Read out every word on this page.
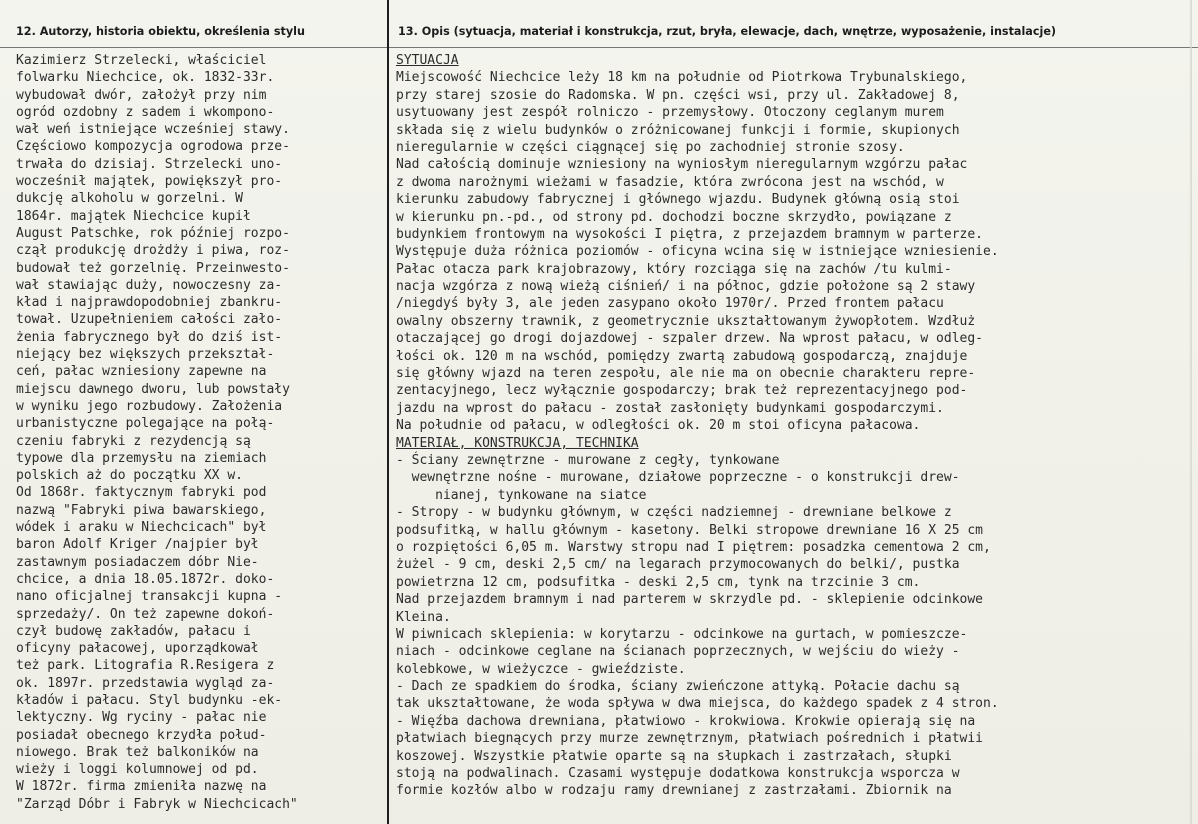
12. Autorzy, historia obiektu, określenia stylu	13. Opis (sytuacja, materiał i konstrukcja, rzut, bryła, elewacje, dach, wnętrze, wyposażenie, instalacje)
Kazimierz Strzelecki, właściciel
folwarku Niechcice, ok. 1832-33r.
wybudował dwór, założył przy nim
ogród ozdobny z sadem i wkompono-
wał weń istniejące wcześniej stawy.
Częściowo kompozycja ogrodowa prze-
trwała do dzisiaj. Strzelecki uno-
wocześnił majątek, powiększył pro-
dukcję alkoholu w gorzelni. W
1864r. majątek Niechcice kupił
August Patschke, rok później rozpo-
czął produkcję drożdży i piwa, roz-
budował też gorzelnię. Przeinwesto-
wał stawiając duży, nowoczesny za-
kład i najprawdopodobniej zbankru-
tował. Uzupełnieniem całości zało-
żenia fabrycznego był do dziś ist-
niejący bez większych przekształ-
ceń, pałac wzniesiony zapewne na
miejscu dawnego dworu, lub powstały
w wyniku jego rozbudowy. Założenia
urbanistyczne polegające na połą-
czeniu fabryki z rezydencją są
typowe dla przemysłu na ziemiach
polskich aż do początku XX w.
Od 1868r. faktycznym fabryki pod
nazwą "Fabryki piwa bawarskiego,
wódek i araku w Niechcicach" był
baron Adolf Kriger /najpier był
zastawnym posiadaczem dóbr Nie-
chcice, a dnia 18.05.1872r. doko-
nano oficjalnej transakcji kupna -
sprzedaży/. On też zapewne dokoń-
czył budowę zakładów, pałacu i
oficyny pałacowej, uporządkował
też park. Litografia R.Resigera z
ok. 1897r. przedstawia wygląd za-
kładów i pałacu. Styl budynku -ek-
lektyczny. Wg ryciny - pałac nie
posiadał obecnego krzydła połud-
niowego. Brak też balkoników na
wieży i loggi kolumnowej od pd.
W 1872r. firma zmieniła nazwę na
"Zarząd Dóbr i Fabryk w Niechcicach"
SYTUACJA
Miejscowość Niechcice leży 18 km na południe od Piotrkowa Trybunalskiego,
przy starej szosie do Radomska. W pn. części wsi, przy ul. Zakładowej 8,
usytuowany jest zespół rolniczo - przemysłowy. Otoczony ceglanym murem
składa się z wielu budynków o zróżnicowanej funkcji i formie, skupionych
nieregularnie w części ciągnącej się po zachodniej stronie szosy.
Nad całością dominuje wzniesiony na wyniosłym nieregularnym wzgórzu pałac
z dwoma narożnymi wieżami w fasadzie, która zwrócona jest na wschód, w
kierunku zabudowy fabrycznej i głównego wjazdu. Budynek główną osią stoi
w kierunku pn.-pd., od strony pd. dochodzi boczne skrzydło, powiązane z
budynkiem frontowym na wysokości I piętra, z przejazdem bramnym w parterze.
Występuje duża różnica poziomów - oficyna wcina się w istniejące wzniesienie.
Pałac otacza park krajobrazowy, który rozciąga się na zachów /tu kulmi-
nacja wzgórza z nową wieżą ciśnień/ i na północ, gdzie położone są 2 stawy
/niegdyś były 3, ale jeden zasypano około 1970r/. Przed frontem pałacu
owalny obszerny trawnik, z geometrycznie ukształtowanym żywopłotem. Wzdłuż
otaczającej go drogi dojazdowej - szpaler drzew. Na wprost pałacu, w odleg-
łości ok. 120 m na wschód, pomiędzy zwartą zabudową gospodarczą, znajduje
się główny wjazd na teren zespołu, ale nie ma on obecnie charakteru repre-
zentacyjnego, lecz wyłącznie gospodarczy; brak też reprezentacyjnego pod-
jazdu na wprost do pałacu - został zasłonięty budynkami gospodarczymi.
Na południe od pałacu, w odległości ok. 20 m stoi oficyna pałacowa.
MATERIAŁ, KONSTRUKCJA, TECHNIKA
- Ściany zewnętrzne - murowane z cegły, tynkowane
wewnętrzne nośne - murowane, działowe poprzeczne - o konstrukcji drew-
nianej, tynkowane na siatce
- Stropy - w budynku głównym, w części nadziemnej - drewniane belkowe z
podsufitką, w hallu głównym - kasetony. Belki stropowe drewniane 16 X 25 cm
o rozpiętości 6,05 m. Warstwy stropu nad I piętrem: posadzka cementowa 2 cm,
żużel - 9 cm, deski 2,5 cm/ na legarach przymocowanych do belki/, pustka
powietrzna 12 cm, podsufitka - deski 2,5 cm, tynk na trzcinie 3 cm.
Nad przejazdem bramnym i nad parterem w skrzydle pd. - sklepienie odcinkowe
Kleina.
W piwnicach sklepienia: w korytarzu - odcinkowe na gurtach, w pomieszcze-
niach - odcinkowe ceglane na ścianach poprzecznych, w wejściu do wieży -
kolebkowe, w wieżyczce - gwieździste.
- Dach ze spadkiem do środka, ściany zwieńczone attyką. Połacie dachu są
tak ukształtowane, że woda spływa w dwa miejsca, do każdego spadek z 4 stron.
- Więźba dachowa drewniana, płatwiowo - krokwiowa. Krokwie opierają się na
płatwiach biegnących przy murze zewnętrznym, płatwiach pośrednich i płatwii
koszowej. Wszystkie płatwie oparte są na słupkach i zastrzałach, słupki
stoją na podwalinach. Czasami występuje dodatkowa konstrukcja wsporcza w
formie kozłów albo w rodzaju ramy drewnianej z zastrzałami. Zbiornik na
